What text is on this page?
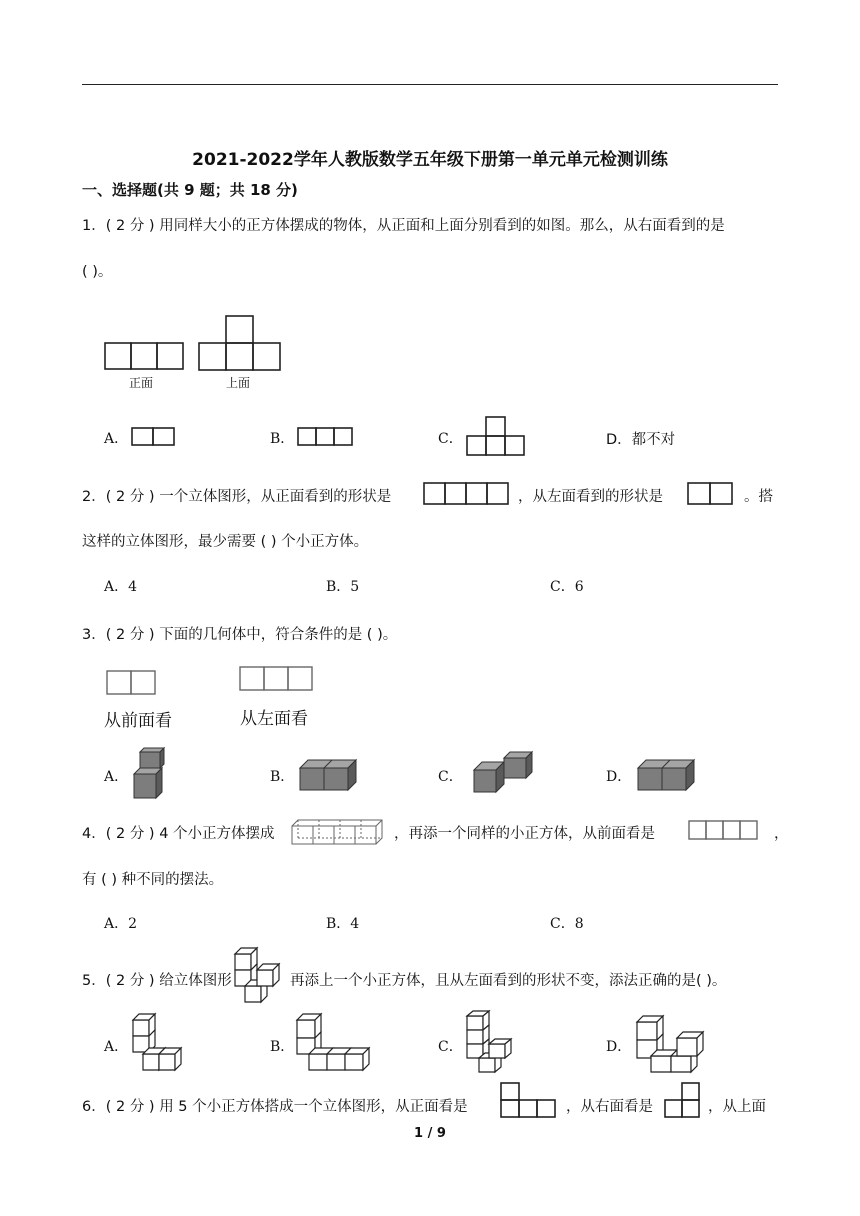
2021-2022学年人教版数学五年级下册第一单元单元检测训练
一、选择题(共 9 题；共 18 分)
1．( 2 分 ) 用同样大小的正方体摆成的物体，从正面和上面分别看到的如图。那么，从右面看到的是
( )。
正面	上面
A．	B．	C．	D．都不对
2．( 2 分 ) 一个立体图形，从正面看到的形状是	，从左面看到的形状是	。搭
这样的立体图形，最少需要 ( ) 个小正方体。
A．4	B．5	C．6
3．( 2 分 ) 下面的几何体中，符合条件的是 ( )。
从前面看	从左面看
A．	B．	C．	D．
4．( 2 分 ) 4 个小正方体摆成	，再添一个同样的小正方体，从前面看是	，
有 ( ) 种不同的摆法。
A．2	B．4	C．8
5．( 2 分 ) 给立体图形	再添上一个小正方体，且从左面看到的形状不变，添法正确的是( )。
A．	B．	C．	D．
6．( 2 分 ) 用 5 个小正方体搭成一个立体图形，从正面看是	，从右面看是	，从上面
1 / 9
